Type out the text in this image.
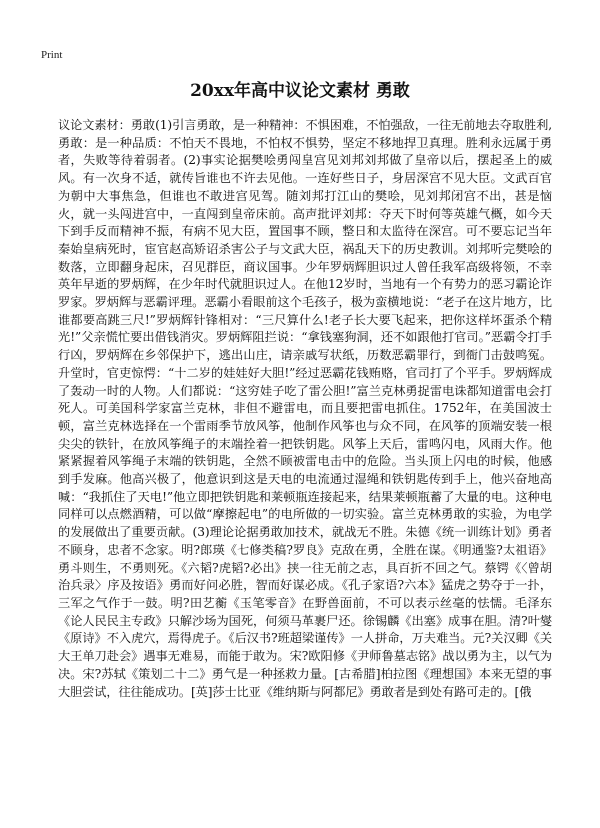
Print
20xx年高中议论文素材 勇敢

议论文素材：勇敢(1)引言勇敢，是一种精神：不惧困难，不怕强敌，一往无前地去夺取胜利,勇敢：是一种品质：不怕天不畏地，不怕权不惧势，坚定不移地捍卫真理。胜利永远属于勇者，失败等待着弱者。(2)事实论据樊哙勇闯皇宫见刘邦刘邦做了皇帝以后，摆起圣上的威风。有一次身不适，就传旨谁也不许去见他。一连好些日子，身居深宫不见大臣。文武百官为朝中大事焦急，但谁也不敢进宫见驾。随刘邦打江山的樊哙，见刘邦闭宫不出，甚是恼火，就一头闯进宫中，一直闯到皇帝床前。高声批评刘邦：夺天下时何等英雄气概，如今天下到手反而精神不振，有病不见大臣，置国事不顾，整日和太监待在深宫。可不要忘记当年秦始皇病死时，宦官赵高矫诏杀害公子与文武大臣，祸乱天下的历史教训。刘邦听完樊哙的数落，立即翻身起床，召见群臣，商议国事。少年罗炳辉胆识过人曾任我军高级将领，不幸英年早逝的罗炳辉，在少年时代就胆识过人。在他12岁时，当地有一个有势力的恶习霸论诈罗家。罗炳辉与恶霸评理。恶霸小看眼前这个毛孩子，极为蛮横地说：“老子在这片地方，比谁都要高跳三尺!”罗炳辉针锋相对：“三尺算什么!老子长大要飞起来，把你这样坏蛋杀个精光!”父亲慌忙要出借钱消灾。罗炳辉阻拦说：“拿钱塞狗洞，还不如跟他打官司。”恶霸令打手行凶，罗炳辉在乡邻保护下，逃出山庄，请亲戚写状纸，历数恶霸罪行，到衙门击鼓鸣冤。升堂时，官吏惊愕：“十二岁的娃娃好大胆!”经过恶霸花钱贿赂，官司打了个平手。罗炳辉成了轰动一时的人物。人们都说：“这穷娃子吃了雷公胆!”富兰克林勇捉雷电诛都知道雷电会打死人。可美国科学家富兰克林，非但不避雷电，而且要把雷电抓住。1752年，在美国波士顿，富兰克林选择在一个雷雨季节放风筝，他制作风筝也与众不同，在风筝的顶端安装一根尖尖的铁针，在放风筝绳子的末端拴着一把铁钥匙。风筝上天后，雷鸣闪电，风雨大作。他紧紧握着风筝绳子末端的铁钥匙，全然不顾被雷电击中的危险。当头顶上闪电的时候，他感到手发麻。他高兴极了，他意识到这是天电的电流通过湿绳和铁钥匙传到手上，他兴奋地高喊：“我抓住了天电!”他立即把铁钥匙和莱顿瓶连接起来，结果莱顿瓶蓄了大量的电。这种电同样可以点燃酒精，可以做“摩擦起电”的电所做的一切实验。富兰克林勇敢的实验，为电学的发展做出了重要贡献。(3)理论论据勇敢加技术，就战无不胜。朱德《统一训练计划》勇者不顾身，忠者不念家。明?郎瑛《七修类稿?罗良》克敌在勇，全胜在谋。《明通鉴?太祖语》勇斗则生，不勇则死。《六韬?虎韬?必出》挟一往无前之志，具百折不回之气。蔡锷《〈曾胡治兵录〉序及按语》勇而好问必胜，智而好谋必成。《孔子家语?六本》猛虎之势夺于一扑，三军之气作于一鼓。明?田艺蘅《玉笔零音》在野兽面前，不可以表示丝毫的怯懦。毛泽东《论人民民主专政》只解沙场为国死，何须马革裹尸还。徐锡麟《出塞》成事在胆。清?叶燮《原诗》不入虎穴，焉得虎子。《后汉书?班超梁谨传》一人拼命，万夫难当。元?关汉卿《关大王单刀赴会》遇事无难易，而能于敢为。宋?欧阳修《尹师鲁墓志铭》战以勇为主，以气为决。宋?苏轼《策划二十二》勇气是一种拯救力量。[古希腊]柏拉图《理想国》本来无望的事大胆尝试，往往能成功。[英]莎士比亚《维纳斯与阿都尼》勇敢者是到处有路可走的。[俄
